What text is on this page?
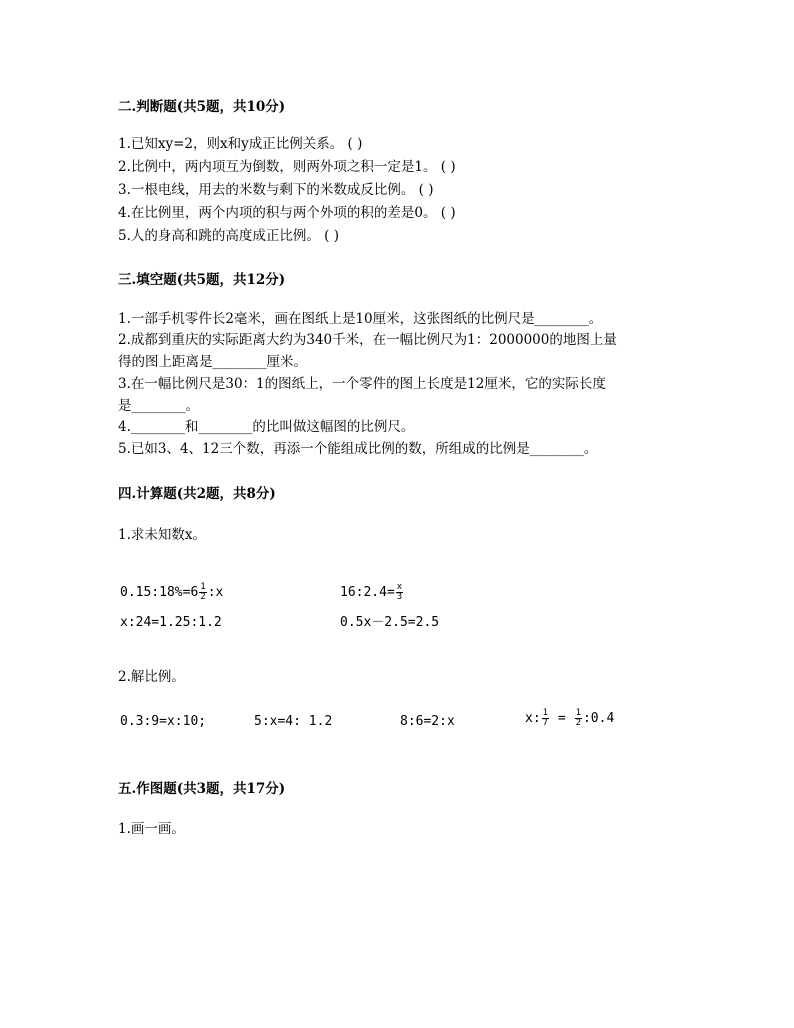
二.判断题(共5题，共10分)
1.已知xy=2，则x和y成正比例关系。 ( )
2.比例中，两内项互为倒数，则两外项之积一定是1。 ( )
3.一根电线，用去的米数与剩下的米数成反比例。 ( )
4.在比例里，两个内项的积与两个外项的积的差是0。 ( )
5.人的身高和跳的高度成正比例。 ( )
三.填空题(共5题，共12分)
1.一部手机零件长2毫米，画在图纸上是10厘米，这张图纸的比例尺是________。
2.成都到重庆的实际距离大约为340千米，在一幅比例尺为1：2000000的地图上量
得的图上距离是________厘米。
3.在一幅比例尺是30：1的图纸上，一个零件的图上长度是12厘米，它的实际长度
是________。
4.________和________的比叫做这幅图的比例尺。
5.已如3、4、12三个数，再添一个能组成比例的数，所组成的比例是________。
四.计算题(共2题，共8分)
1.求未知数x。
0.15:18%=6 $\frac{1}{2}$ :x	16:2.4= $\frac{x}{3}$
x:24=1.25:1.2	0.5x－2.5=2.5
2.解比例。
0.3:9=x:10;	5:x=4: 1.2	8:6=2:x	x: $\frac{1}{7} = \frac{1}{2}$ :0.4
五.作图题(共3题，共17分)
1.画一画。
